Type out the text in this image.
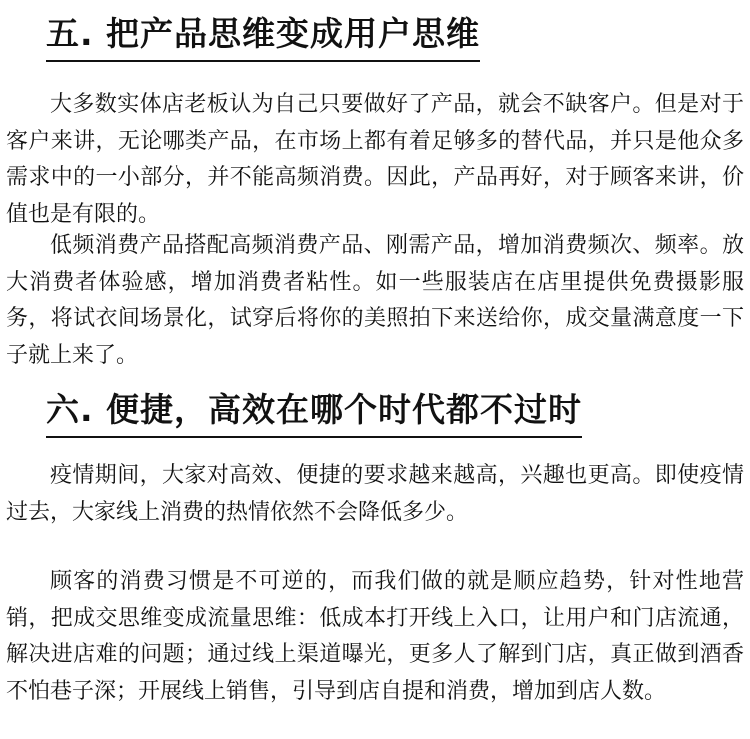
五. 把产品思维变成用户思维

大多数实体店老板认为自己只要做好了产品，就会不缺客户。但是对于客户来讲，无论哪类产品，在市场上都有着足够多的替代品，并只是他众多需求中的一小部分，并不能高频消费。因此，产品再好，对于顾客来讲，价值也是有限的。

低频消费产品搭配高频消费产品、刚需产品，增加消费频次、频率。放大消费者体验感，增加消费者粘性。如一些服装店在店里提供免费摄影服务，将试衣间场景化，试穿后将你的美照拍下来送给你，成交量满意度一下子就上来了。

六. 便捷，高效在哪个时代都不过时

疫情期间，大家对高效、便捷的要求越来越高，兴趣也更高。即使疫情过去，大家线上消费的热情依然不会降低多少。

顾客的消费习惯是不可逆的，而我们做的就是顺应趋势，针对性地营销，把成交思维变成流量思维：低成本打开线上入口，让用户和门店流通，解决进店难的问题；通过线上渠道曝光，更多人了解到门店，真正做到酒香不怕巷子深；开展线上销售，引导到店自提和消费，增加到店人数。
